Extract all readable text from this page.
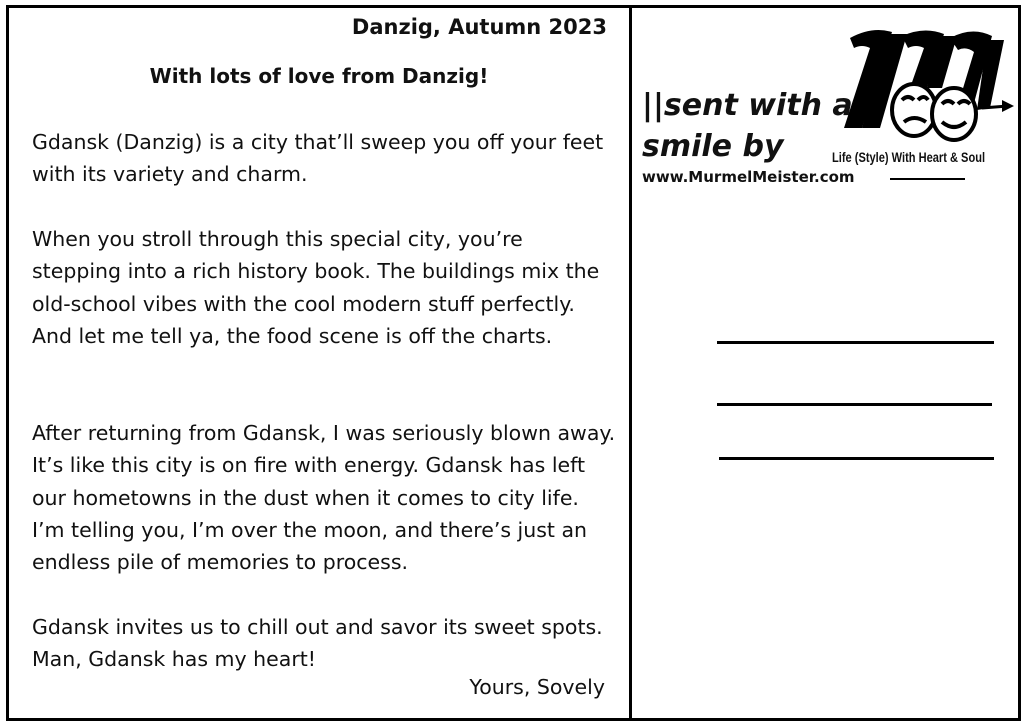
Danzig, Autumn 2023
With lots of love from Danzig!

Gdansk (Danzig) is a city that’ll sweep you off your feet with its variety and charm.

When you stroll through this special city, you’re stepping into a rich history book. The buildings mix the old-school vibes with the cool modern stuff perfectly. And let me tell ya, the food scene is off the charts.

After returning from Gdansk, I was seriously blown away. It’s like this city is on fire with energy. Gdansk has left our hometowns in the dust when it comes to city life. I’m telling you, I’m over the moon, and there’s just an endless pile of memories to process.

Gdansk invites us to chill out and savor its sweet spots. Man, Gdansk has my heart!

Yours, Sovely
||sent with a
smile by
www.MurmelMeister.com
Life (Style) With Heart & Soul
